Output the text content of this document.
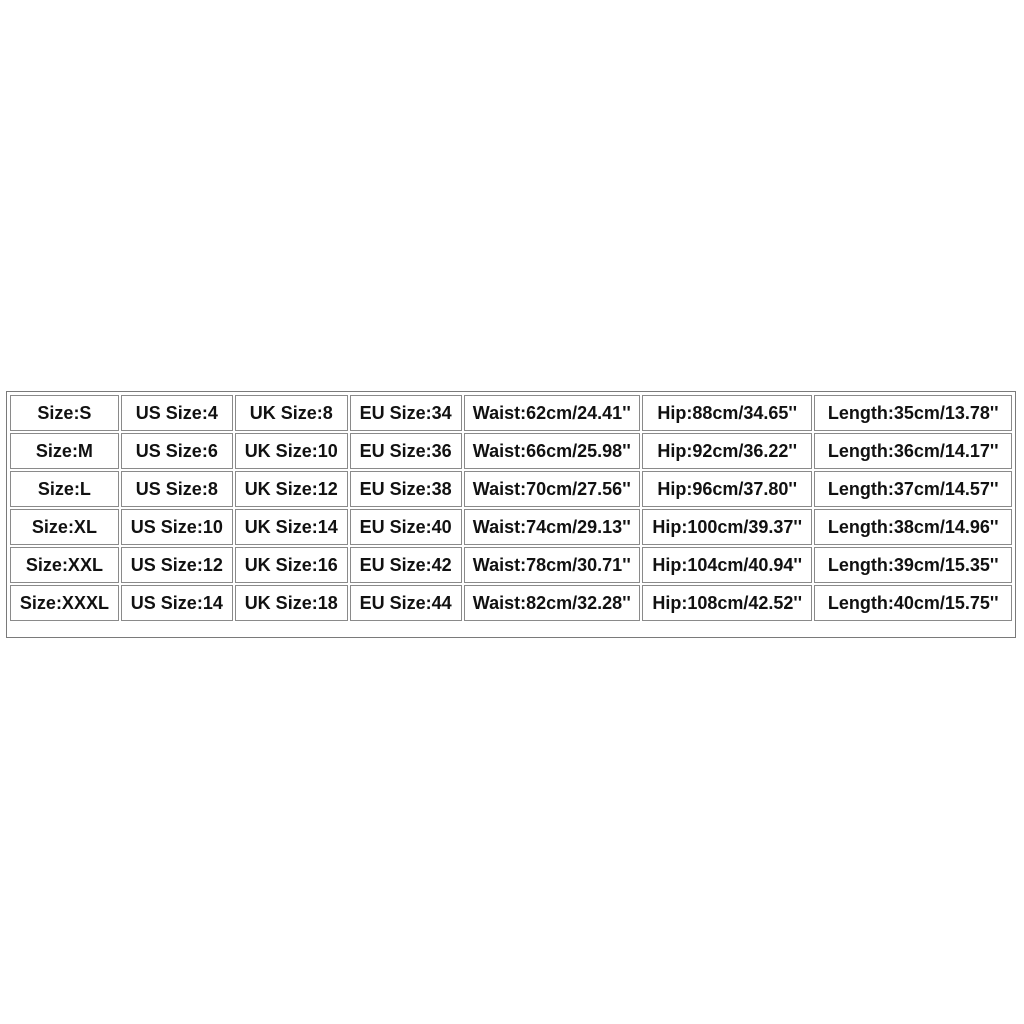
Size:S	US Size:4	UK Size:8	EU Size:34	Waist:62cm/24.41''	Hip:88cm/34.65''	Length:35cm/13.78''
Size:M	US Size:6	UK Size:10	EU Size:36	Waist:66cm/25.98''	Hip:92cm/36.22''	Length:36cm/14.17''
Size:L	US Size:8	UK Size:12	EU Size:38	Waist:70cm/27.56''	Hip:96cm/37.80''	Length:37cm/14.57''
Size:XL	US Size:10	UK Size:14	EU Size:40	Waist:74cm/29.13''	Hip:100cm/39.37''	Length:38cm/14.96''
Size:XXL	US Size:12	UK Size:16	EU Size:42	Waist:78cm/30.71''	Hip:104cm/40.94''	Length:39cm/15.35''
Size:XXXL	US Size:14	UK Size:18	EU Size:44	Waist:82cm/32.28''	Hip:108cm/42.52''	Length:40cm/15.75''
